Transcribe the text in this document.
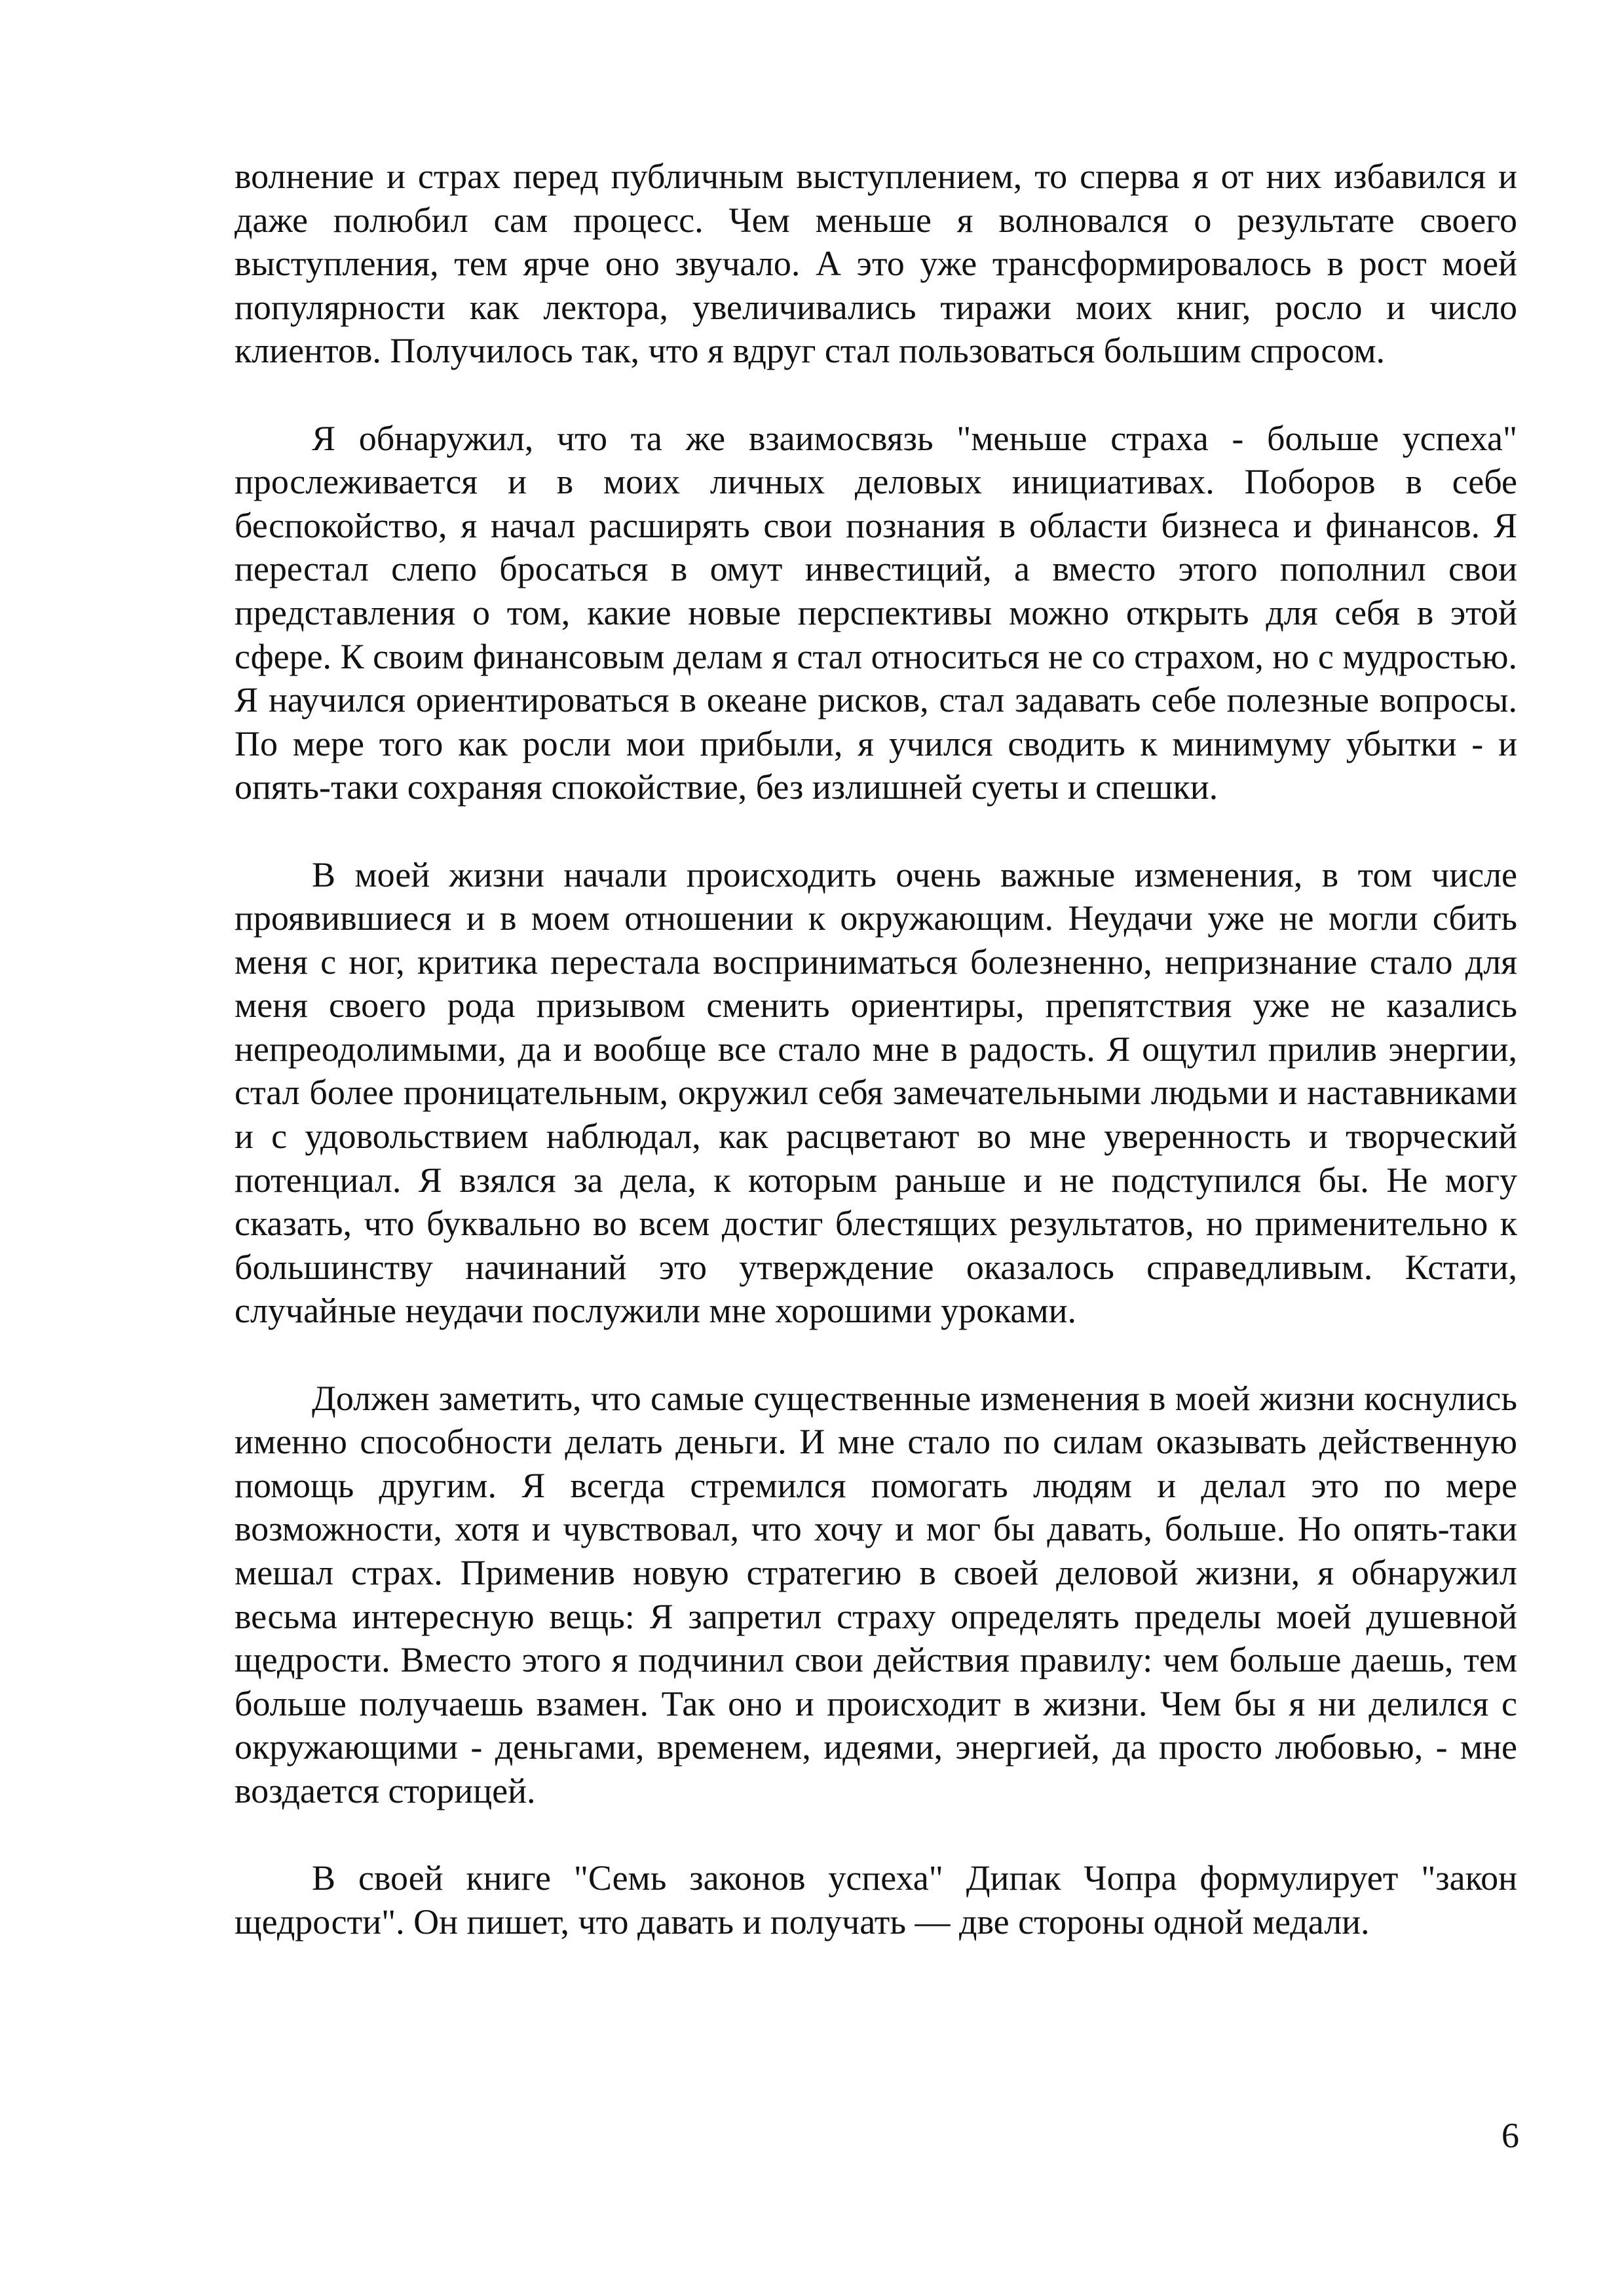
волнение и страх перед публичным выступлением, то сперва я от них избавился и даже полюбил сам процесс. Чем меньше я волновался о результате своего выступления, тем ярче оно звучало. А это уже трансформировалось в рост моей популярности как лектора, увеличивались тиражи моих книг, росло и число клиентов. Получилось так, что я вдруг стал пользоваться большим спросом.

Я обнаружил, что та же взаимосвязь "меньше страха - больше успеха" прослеживается и в моих личных деловых инициативах. Поборов в себе беспокойство, я начал расширять свои познания в области бизнеса и финансов. Я перестал слепо бросаться в омут инвестиций, а вместо этого пополнил свои представления о том, какие новые перспективы можно открыть для себя в этой сфере. К своим финансовым делам я стал относиться не со страхом, но с мудростью. Я научился ориентироваться в океане рисков, стал задавать себе полезные вопросы. По мере того как росли мои прибыли, я учился сводить к минимуму убытки - и опять-таки сохраняя спокойствие, без излишней суеты и спешки.

В моей жизни начали происходить очень важные изменения, в том числе проявившиеся и в моем отношении к окружающим. Неудачи уже не могли сбить меня с ног, критика перестала восприниматься болезненно, непризнание стало для меня своего рода призывом сменить ориентиры, препятствия уже не казались непреодолимыми, да и вообще все стало мне в радость. Я ощутил прилив энергии, стал более проницательным, окружил себя замечательными людьми и наставниками и с удовольствием наблюдал, как расцветают во мне уверенность и творческий потенциал. Я взялся за дела, к которым раньше и не подступился бы. Не могу сказать, что буквально во всем достиг блестящих результатов, но применительно к большинству начинаний это утверждение оказалось справедливым. Кстати, случайные неудачи послужили мне хорошими уроками.

Должен заметить, что самые существенные изменения в моей жизни коснулись именно способности делать деньги. И мне стало по силам оказывать действенную помощь другим. Я всегда стремился помогать людям и делал это по мере возможности, хотя и чувствовал, что хочу и мог бы давать, больше. Но опять-таки мешал страх. Применив новую стратегию в своей деловой жизни, я обнаружил весьма интересную вещь: Я запретил страху определять пределы моей душевной щедрости. Вместо этого я подчинил свои действия правилу: чем больше даешь, тем больше получаешь взамен. Так оно и происходит в жизни. Чем бы я ни делился с окружающими - деньгами, временем, идеями, энергией, да просто любовью, - мне воздается сторицей.

В своей книге "Семь законов успеха" Дипак Чопра формулирует "закон щедрости". Он пишет, что давать и получать — две стороны одной медали.

6
